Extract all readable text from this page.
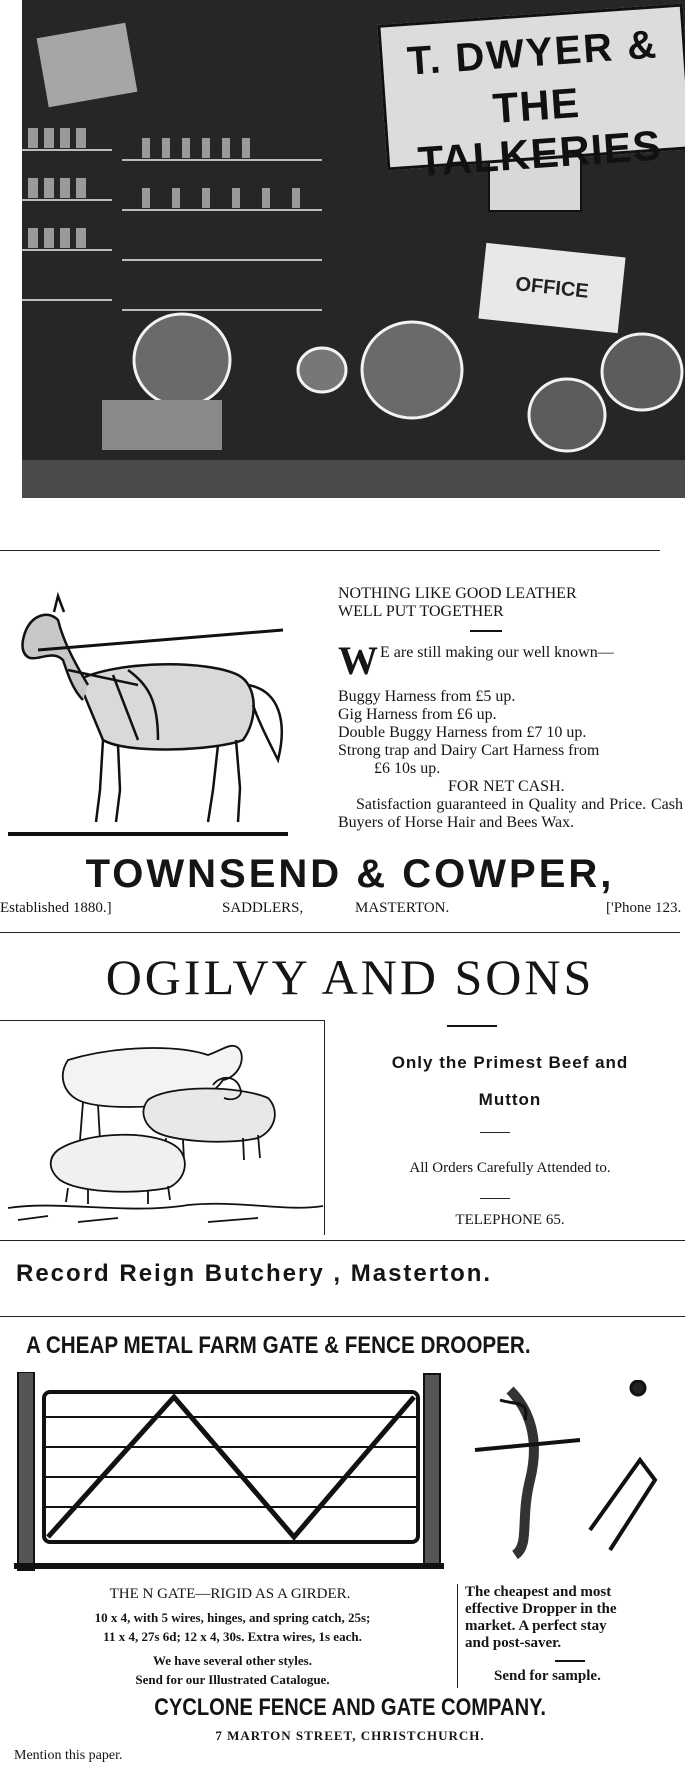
T. DWYER &
THE TALKERIES
OFFICE
NOTHING LIKE GOOD LEATHER
WELL PUT TOGETHER
W E are still making our well known—
Buggy Harness from £5 up.
Gig Harness from £6 up.
Double Buggy Harness from £7 10 up.
Strong trap and Dairy Cart Harness from
£6 10s up.
FOR NET CASH.
Satisfaction guaranteed in Quality and Price. Cash Buyers of Horse Hair and Bees Wax.
TOWNSEND & COWPER,
Established 1880.]	SADDLERS,	MASTERTON.	['Phone 123.
OGILVY AND SONS
Only the Primest Beef and
Mutton
All Orders Carefully Attended to.
TELEPHONE 65.
Record Reign Butchery , Masterton.
A CHEAP METAL FARM GATE & FENCE DROOPER.
THE N GATE—RIGID AS A GIRDER.
10 x 4, with 5 wires, hinges, and spring catch, 25s;
11 x 4, 27s 6d; 12 x 4, 30s. Extra wires, 1s each.
We have several other styles.
Send for our Illustrated Catalogue.
The cheapest and most
effective Dropper in the
market. A perfect stay
and post-saver.
Send for sample.
CYCLONE FENCE AND GATE COMPANY.
7 MARTON STREET, CHRISTCHURCH.
Mention this paper.
